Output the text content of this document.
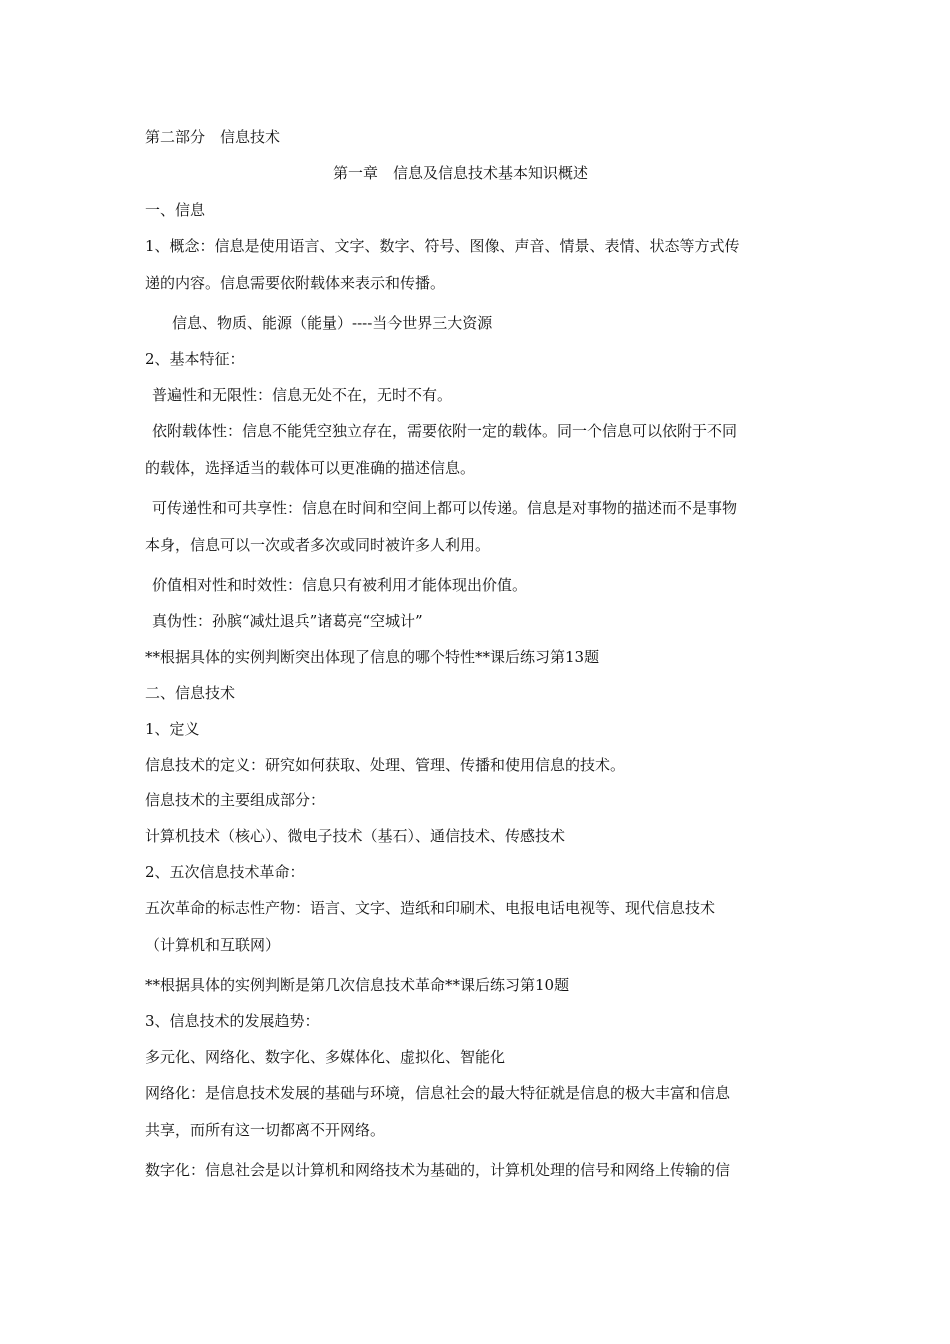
第二部分　信息技术
第一章　信息及信息技术基本知识概述
一、信息
1、概念：信息是使用语言、文字、数字、符号、图像、声音、情景、表情、状态等方式传
递的内容。信息需要依附载体来表示和传播。
信息、物质、能源（能量）----当今世界三大资源
2、基本特征：
普遍性和无限性：信息无处不在，无时不有。
依附载体性：信息不能凭空独立存在，需要依附一定的载体。同一个信息可以依附于不同
的载体，选择适当的载体可以更准确的描述信息。
可传递性和可共享性：信息在时间和空间上都可以传递。信息是对事物的描述而不是事物
本身，信息可以一次或者多次或同时被许多人利用。
价值相对性和时效性：信息只有被利用才能体现出价值。
真伪性：孙膑“减灶退兵”诸葛亮“空城计”
**根据具体的实例判断突出体现了信息的哪个特性**课后练习第13题
二、信息技术
1、定义
信息技术的定义：研究如何获取、处理、管理、传播和使用信息的技术。
信息技术的主要组成部分：
计算机技术（核心）、微电子技术（基石）、通信技术、传感技术
2、五次信息技术革命：
五次革命的标志性产物：语言、文字、造纸和印刷术、电报电话电视等、现代信息技术
（计算机和互联网）
**根据具体的实例判断是第几次信息技术革命**课后练习第10题
3、信息技术的发展趋势：
多元化、网络化、数字化、多媒体化、虚拟化、智能化
网络化：是信息技术发展的基础与环境，信息社会的最大特征就是信息的极大丰富和信息
共享，而所有这一切都离不开网络。
数字化：信息社会是以计算机和网络技术为基础的，计算机处理的信号和网络上传输的信
